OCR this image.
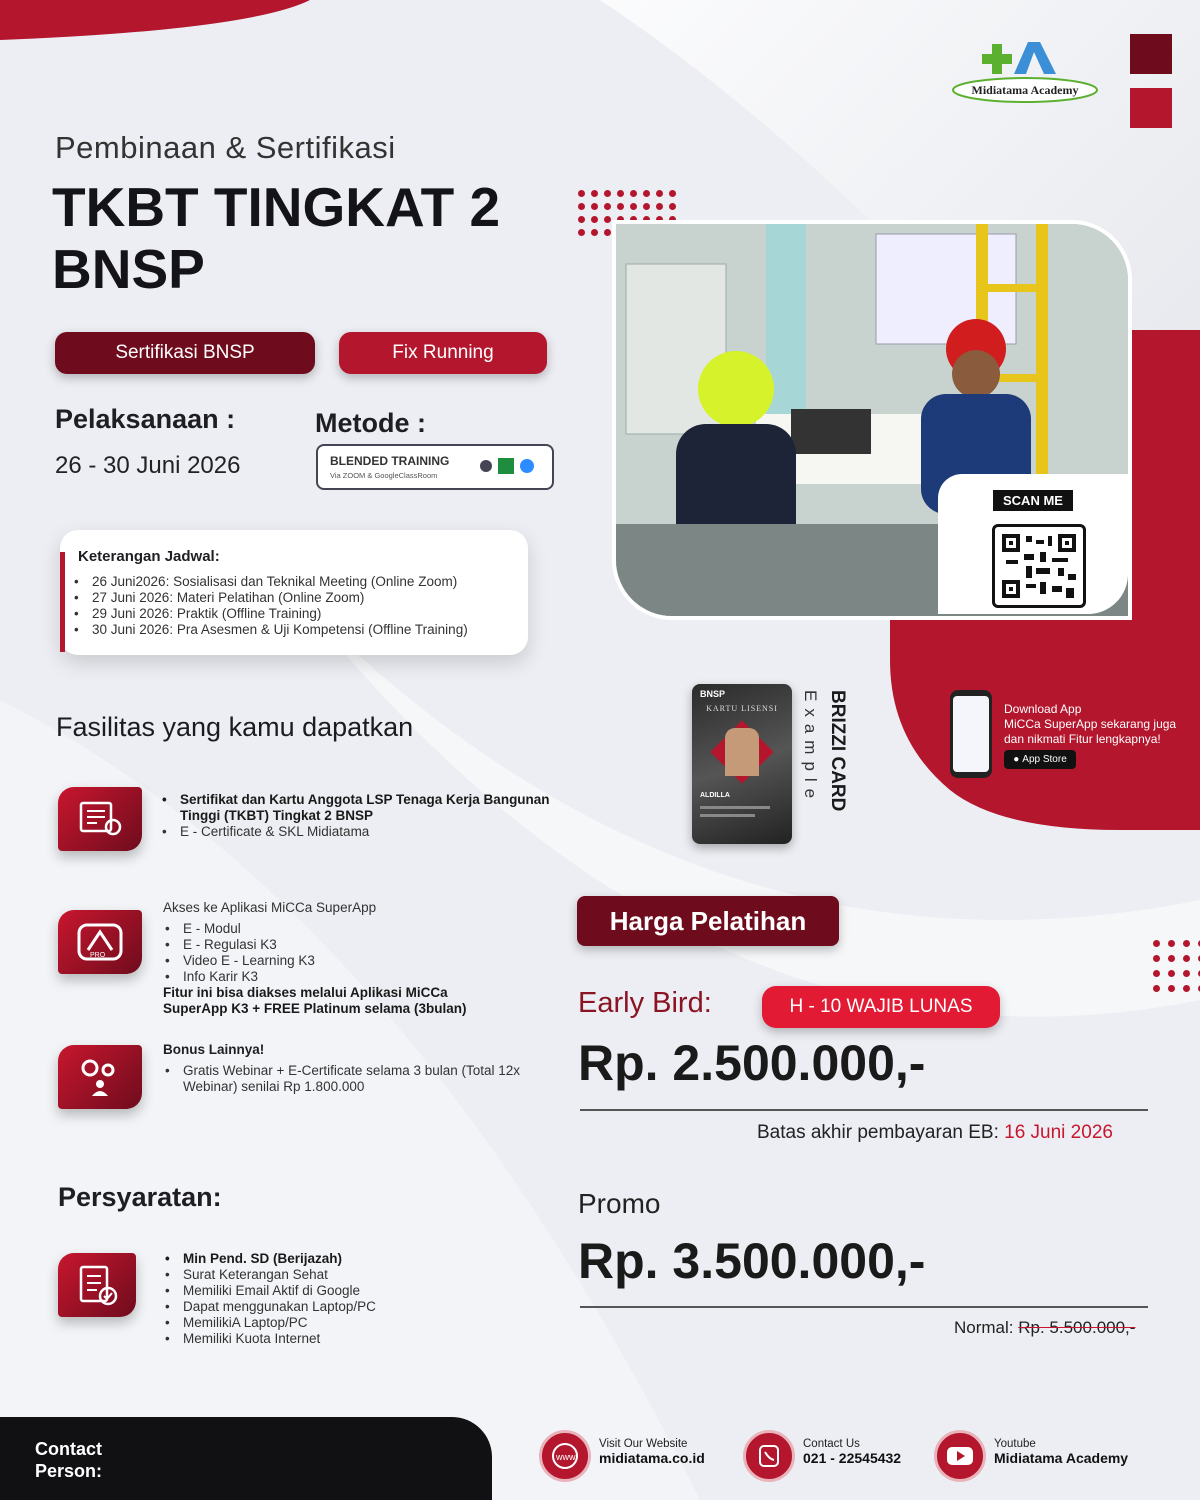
Midiatama Academy
Pembinaan & Sertifikasi
TKBT TINGKAT 2
BNSP
Sertifikasi BNSP	Fix Running
Pelaksanaan :
26 - 30 Juni 2026
Metode :
BLENDED TRAINING
Via ZOOM & GoogleClassRoom
Keterangan Jadwal:
• 26 Juni2026: Sosialisasi dan Teknikal Meeting (Online Zoom)
• 27 Juni 2026: Materi Pelatihan (Online Zoom)
• 29 Juni 2026: Praktik (Offline Training)
• 30 Juni 2026: Pra Asesmen & Uji Kompetensi (Offline Training)
SCAN ME
Download App
MiCCa SuperApp sekarang juga
dan nikmati Fitur lengkapnya!
● App Store
BNSP
KARTU LISENSI
ALDILLA	BRIZZI CARD
Example
Fasilitas yang kamu dapatkan
• Sertifikat dan Kartu Anggota LSP Tenaga Kerja Bangunan Tinggi (TKBT) Tingkat 2 BNSP
• E - Certificate & SKL Midiatama
PRO
Akses ke Aplikasi MiCCa SuperApp
• E - Modul
• E - Regulasi K3
• Video E - Learning K3
• Info Karir K3
Fitur ini bisa diakses melalui Aplikasi MiCCa SuperApp K3 + FREE Platinum selama (3bulan)
Bonus Lainnya!
• Gratis Webinar + E-Certificate selama 3 bulan (Total 12x Webinar) senilai Rp 1.800.000
Harga Pelatihan
Early Bird:	H - 10 WAJIB LUNAS
Rp. 2.500.000,-
Batas akhir pembayaran EB: 16 Juni 2026
Promo
Rp. 3.500.000,-
Normal: Rp. 5.500.000,-
Persyaratan:
• Min Pend. SD (Berijazah)
• Surat Keterangan Sehat
• Memiliki Email Aktif di Google
• Dapat menggunakan Laptop/PC
• MemilikiA Laptop/PC
• Memiliki Kuota Internet
Contact
Person:
www
Visit Our Website
midiatama.co.id
Contact Us
021 - 22545432
Youtube
Midiatama Academy
